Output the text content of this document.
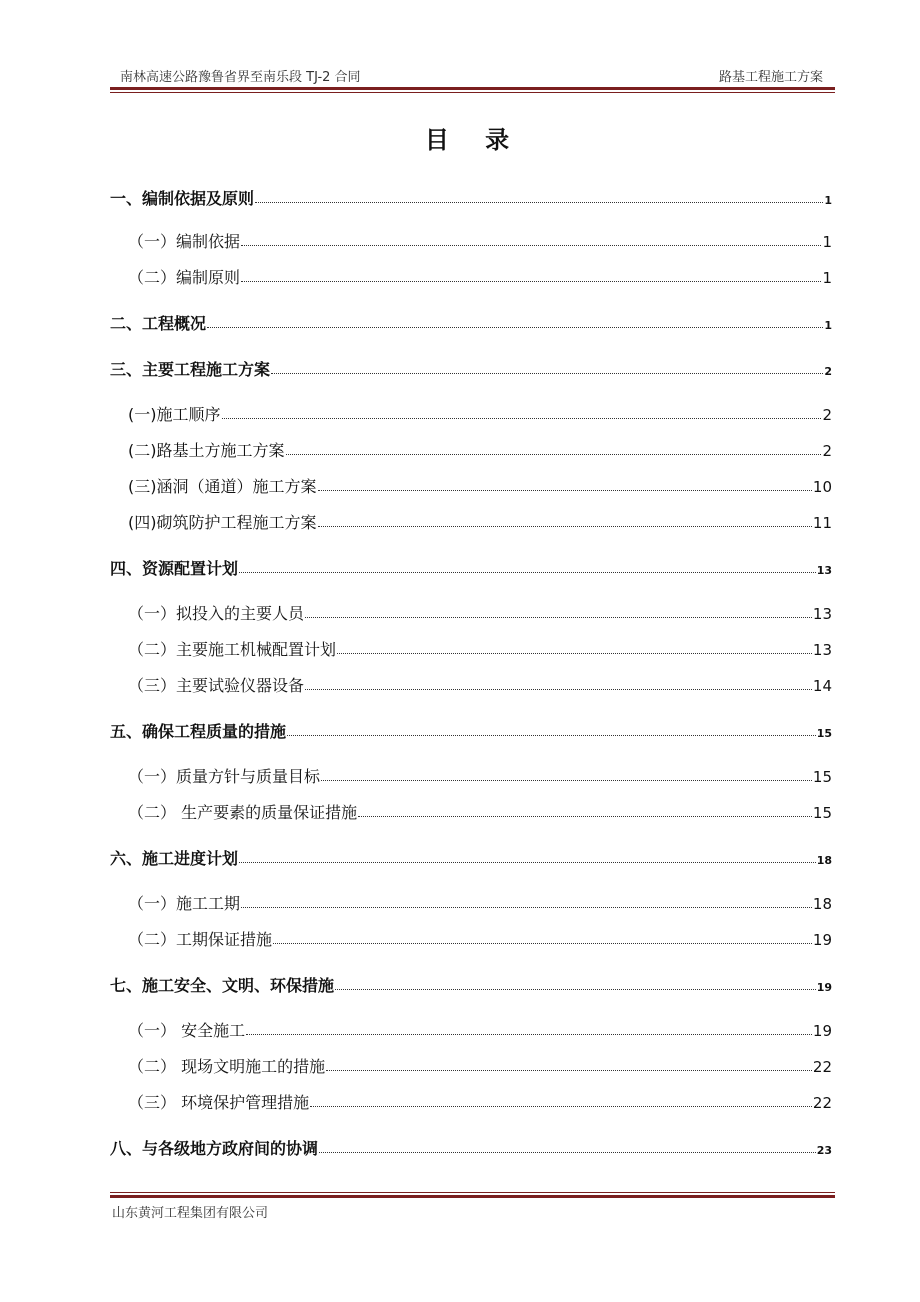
南林高速公路豫鲁省界至南乐段 TJ-2 合同	路基工程施工方案
目 录
一、编制依据及原则	1
（一）编制依据	1
（二）编制原则	1
二、工程概况	1
三、主要工程施工方案	2
(一)施工顺序	2
(二)路基土方施工方案	2
(三)涵洞（通道）施工方案	10
(四)砌筑防护工程施工方案	11
四、资源配置计划	13
（一）拟投入的主要人员	13
（二）主要施工机械配置计划	13
（三）主要试验仪器设备	14
五、确保工程质量的措施	15
（一）质量方针与质量目标	15
（二） 生产要素的质量保证措施	15
六、施工进度计划	18
（一）施工工期	18
（二）工期保证措施	19
七、施工安全、文明、环保措施	19
（一） 安全施工	19
（二） 现场文明施工的措施	22
（三） 环境保护管理措施	22
八、与各级地方政府间的协调	23
山东黄河工程集团有限公司
